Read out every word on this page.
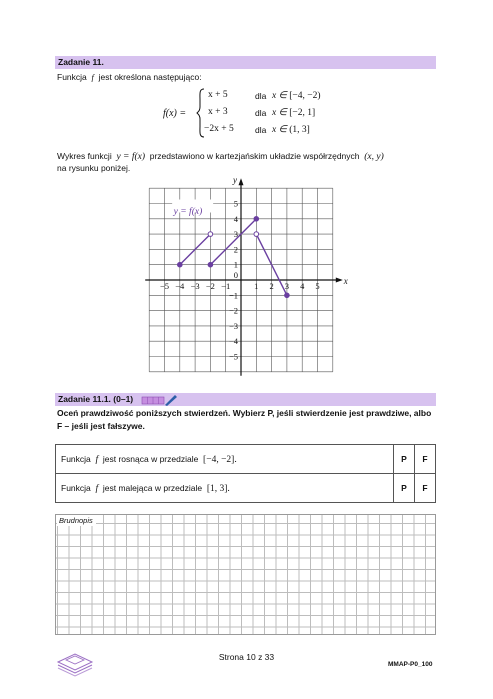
Zadanie 11.
Funkcja f jest określona następująco:
f(x) =
x + 5	dla x ∈ [−4, −2)
x + 3	dla x ∈ [−2, 1]
−2x + 5	dla x ∈ (1, 3]
Wykres funkcji y = f(x) przedstawiono w kartezjańskim układzie współrzędnych (x, y)
na rysunku poniżej.
−5 −4 −3 −2 −1	1 2 3 4 5
5
4
3
2
1
−1
−2
−3
−4
−5
0
x
y
y = f(x)
Zadanie 11.1. (0–1)
Oceń prawdziwość poniższych stwierdzeń. Wybierz P, jeśli stwierdzenie jest prawdziwe, albo F – jeśli jest fałszywe.
Funkcja f jest rosnąca w przedziale [−4, −2].	P	F
Funkcja f jest malejąca w przedziale [1, 3].	P	F
Brudnopis
Strona 10 z 33
MMAP-P0_100
